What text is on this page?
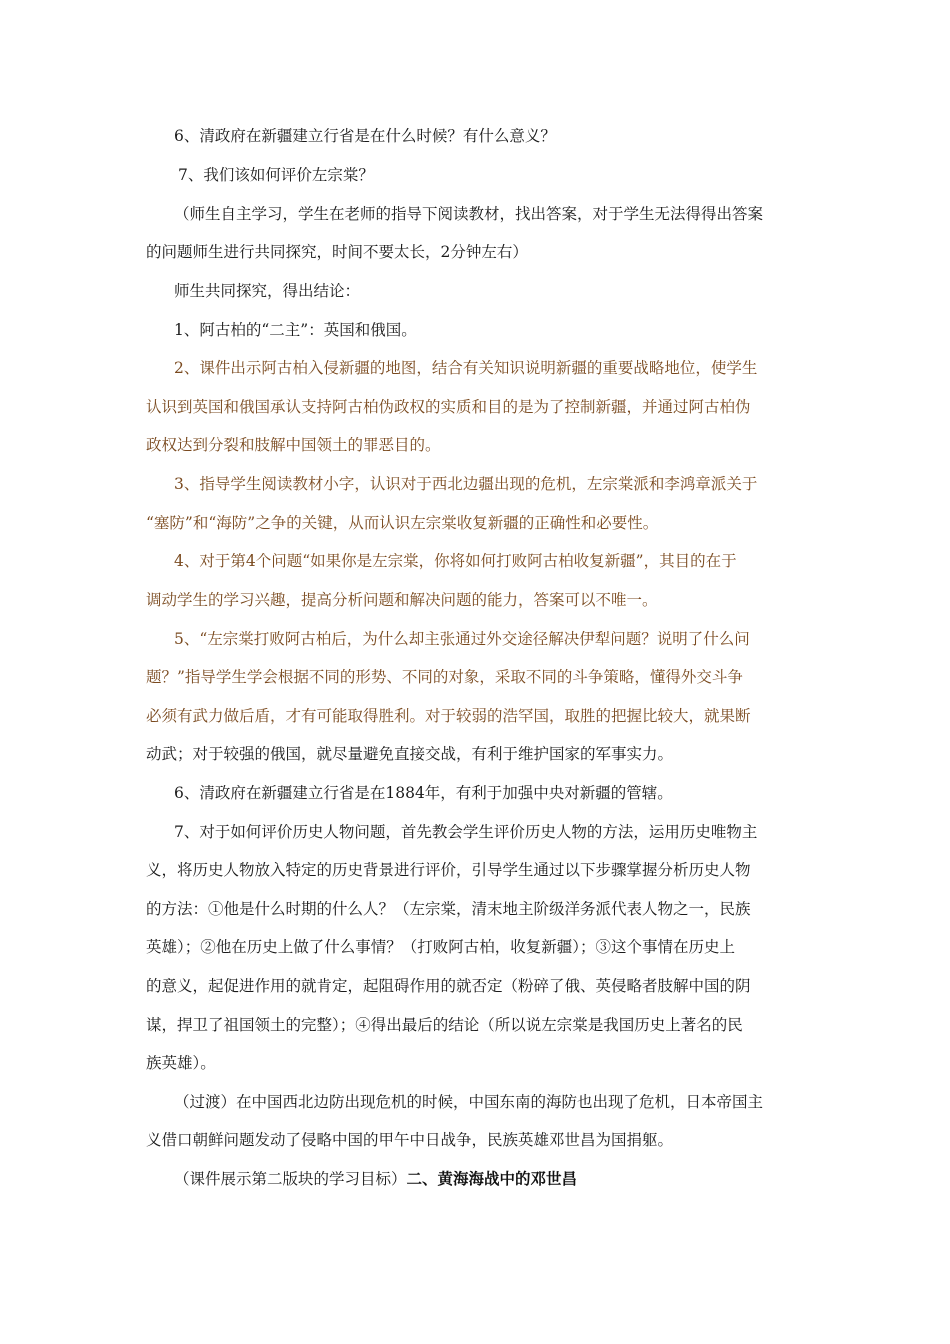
6、清政府在新疆建立行省是在什么时候？有什么意义？
7、我们该如何评价左宗棠？
（师生自主学习，学生在老师的指导下阅读教材，找出答案，对于学生无法得得出答案
的问题师生进行共同探究，时间不要太长，2分钟左右）
师生共同探究，得出结论：
1、阿古柏的“二主”：英国和俄国。
2、课件出示阿古柏入侵新疆的地图，结合有关知识说明新疆的重要战略地位，使学生
认识到英国和俄国承认支持阿古柏伪政权的实质和目的是为了控制新疆，并通过阿古柏伪
政权达到分裂和肢解中国领土的罪恶目的。
3、指导学生阅读教材小字，认识对于西北边疆出现的危机，左宗棠派和李鸿章派关于
“塞防”和“海防”之争的关键，从而认识左宗棠收复新疆的正确性和必要性。
4、对于第4个问题“如果你是左宗棠，你将如何打败阿古柏收复新疆”，其目的在于
调动学生的学习兴趣，提高分析问题和解决问题的能力，答案可以不唯一。
5、“左宗棠打败阿古柏后，为什么却主张通过外交途径解决伊犁问题？说明了什么问
题？”指导学生学会根据不同的形势、不同的对象，采取不同的斗争策略，懂得外交斗争
必须有武力做后盾，才有可能取得胜利。对于较弱的浩罕国，取胜的把握比较大，就果断
动武；对于较强的俄国，就尽量避免直接交战，有利于维护国家的军事实力。
6、清政府在新疆建立行省是在1884年，有利于加强中央对新疆的管辖。
7、对于如何评价历史人物问题，首先教会学生评价历史人物的方法，运用历史唯物主
义，将历史人物放入特定的历史背景进行评价，引导学生通过以下步骤掌握分析历史人物
的方法：①他是什么时期的什么人？（左宗棠，清末地主阶级洋务派代表人物之一，民族
英雄）；②他在历史上做了什么事情？（打败阿古柏，收复新疆）；③这个事情在历史上
的意义，起促进作用的就肯定，起阻碍作用的就否定（粉碎了俄、英侵略者肢解中国的阴
谋，捍卫了祖国领土的完整）；④得出最后的结论（所以说左宗棠是我国历史上著名的民
族英雄）。
（过渡）在中国西北边防出现危机的时候，中国东南的海防也出现了危机，日本帝国主
义借口朝鲜问题发动了侵略中国的甲午中日战争，民族英雄邓世昌为国捐躯。
（课件展示第二版块的学习目标）二、黄海海战中的邓世昌
